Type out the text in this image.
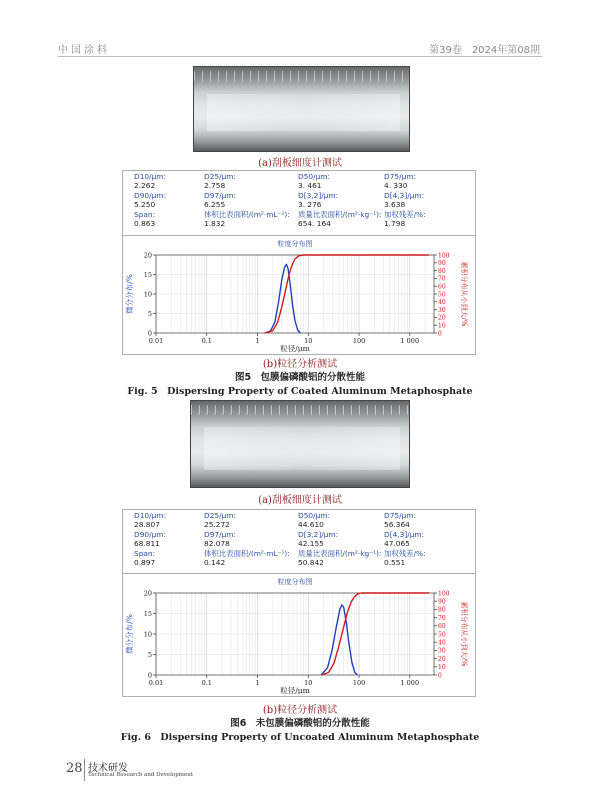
中国涂料	第39卷　2024年第08期
(a)刮板细度计测试
D10/μm:
2.262
D25/μm:
2.758
D50/μm:
3. 461
D75/μm:
4. 330
D90/μm:
5.250
D97/μm:
6.255
D[3,2]/μm:
3. 276
D[4,3]/μm:
3.638
Span:
0.863
体积比表面积/(m²·mL⁻¹):
1.832
质量比表面积/(m²·kg⁻¹):
654. 164
加权残差/%:
1.798
粒度分布图
0.01	0.1	1	10	100	1 000
粒径/μm
0
5
10
15
20
微分分布/%
0
10
20
30
40
50
60
70
80
90
100
累积分布从小到大/%
(b)粒径分析测试
图5　包膜偏磷酸铝的分散性能
Fig. 5　Dispersing Property of Coated Aluminum Metaphosphate
(a)刮板细度计测试
D10/μm:
28.807
D25/μm:
25.272
D50/μm:
44.610
D75/μm:
56.364
D90/μm:
68.811
D97/μm:
82.078
D[3,2]/μm:
42.155
D[4,3]/μm:
47.065
Span:
0.897
体积比表面积/(m²·mL⁻¹):
0.142
质量比表面积/(m²·kg⁻¹):
50.842
加权残差/%:
0.551
粒度分布图
0.01	0.1	1	10	100	1 000
粒径/μm
0
5
10
15
20
微分分布/%
0
10
20
30
40
50
60
70
80
90
100
累积分布从小到大/%
(b)粒径分析测试
图6　未包膜偏磷酸铝的分散性能
Fig. 6　Dispersing Property of Uncoated Aluminum Metaphosphate
28 技术研发
Technical Research and Development
